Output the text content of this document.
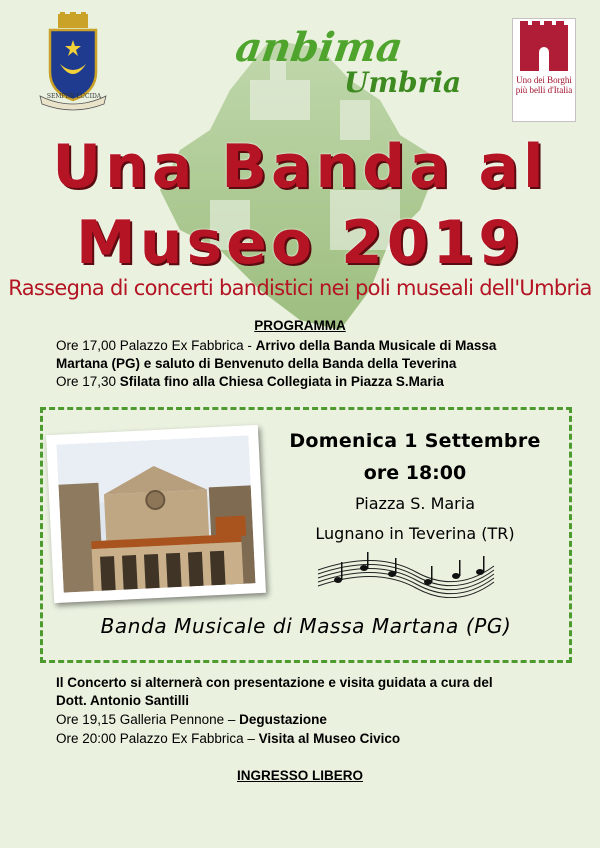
SEMPER LUCIDA
anbima
Umbria	Uno dei Borghi più belli d'Italia
Una Banda al
Museo 2019
Rassegna di concerti bandistici nei poli museali dell'Umbria
PROGRAMMA
Ore 17,00 Palazzo Ex Fabbrica - Arrivo della Banda Musicale di Massa
Martana (PG) e saluto di Benvenuto della Banda della Teverina
Ore 17,30 Sfilata fino alla Chiesa Collegiata in Piazza S.Maria
Domenica 1 Settembre
ore 18:00
Piazza S. Maria
Lugnano in Teverina (TR)
Banda Musicale di Massa Martana (PG)
Il Concerto si alternerà con presentazione e visita guidata a cura del
Dott. Antonio Santilli
Ore 19,15 Galleria Pennone – Degustazione
Ore 20:00 Palazzo Ex Fabbrica – Visita al Museo Civico
INGRESSO LIBERO
